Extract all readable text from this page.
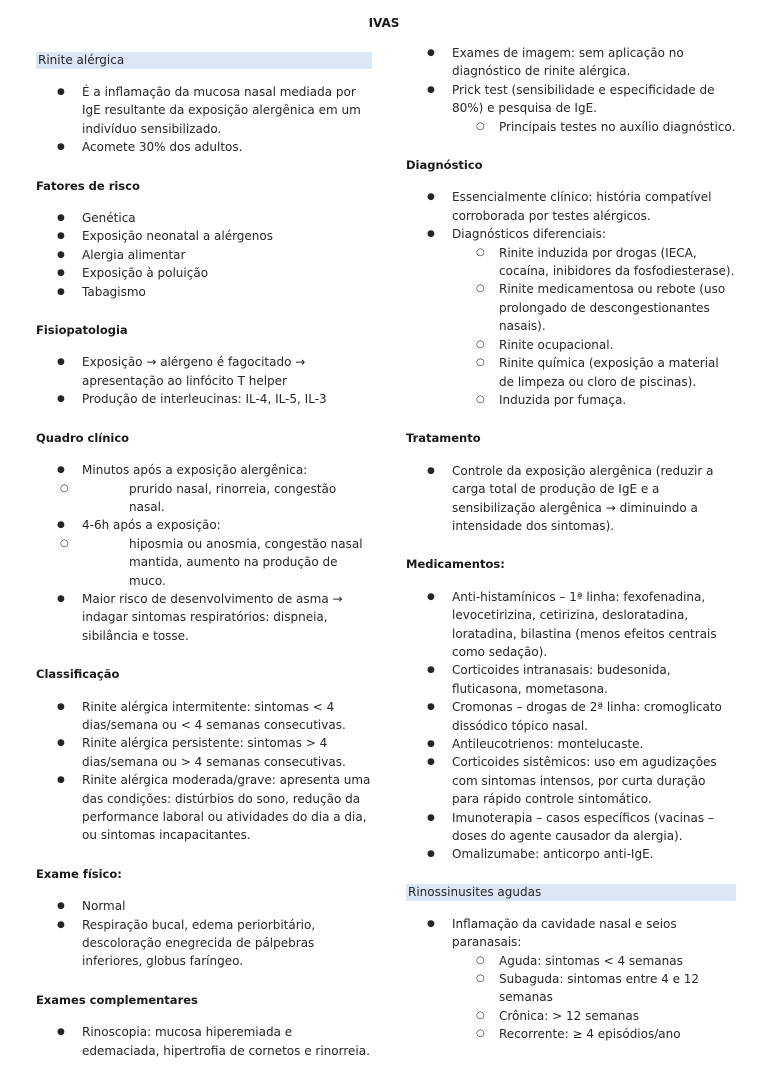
IVAS
Rinite alérgica
● É a inflamação da mucosa nasal mediada por IgE resultante da exposição alergênica em um indivíduo sensibilizado.
● Acomete 30% dos adultos.
Fatores de risco
● Genética
● Exposição neonatal a alérgenos
● Alergia alimentar
● Exposição à poluição
● Tabagismo
Fisiopatologia
● Exposição → alérgeno é fagocitado → apresentação ao linfócito T helper
● Produção de interleucinas: IL-4, IL-5, IL-3
Quadro clínico
● Minutos após a exposição alergênica:
○ prurido nasal, rinorreia, congestão nasal.
● 4-6h após a exposição:
○ hiposmia ou anosmia, congestão nasal mantida, aumento na produção de muco.
● Maior risco de desenvolvimento de asma → indagar sintomas respiratórios: dispneia, sibilância e tosse.
Classificação
● Rinite alérgica intermitente: sintomas < 4 dias/semana ou < 4 semanas consecutivas.
● Rinite alérgica persistente: sintomas > 4 dias/semana ou > 4 semanas consecutivas.
● Rinite alérgica moderada/grave: apresenta uma das condições: distúrbios do sono, redução da performance laboral ou atividades do dia a dia, ou sintomas incapacitantes.
Exame físico:
● Normal
● Respiração bucal, edema periorbitário, descoloração enegrecida de pálpebras inferiores, globus faríngeo.
Exames complementares
● Rinoscopia: mucosa hiperemiada e edemaciada, hipertrofia de cornetos e rinorreia.
● Exames de imagem: sem aplicação no diagnóstico de rinite alérgica.
● Prick test (sensibilidade e especificidade de 80%) e pesquisa de IgE.
○ Principais testes no auxílio diagnóstico.
Diagnóstico
● Essencialmente clínico: história compatível corroborada por testes alérgicos.
● Diagnósticos diferenciais:
○ Rinite induzida por drogas (IECA, cocaína, inibidores da fosfodiesterase).
○ Rinite medicamentosa ou rebote (uso prolongado de descongestionantes nasais).
○ Rinite ocupacional.
○ Rinite química (exposição a material de limpeza ou cloro de piscinas).
○ Induzida por fumaça.
Tratamento
● Controle da exposição alergênica (reduzir a carga total de produção de IgE e a sensibilização alergênica → diminuindo a intensidade dos sintomas).
Medicamentos:
● Anti-histamínicos – 1ª linha: fexofenadina, levocetirizina, cetirizina, desloratadina, loratadina, bilastina (menos efeitos centrais como sedação).
● Corticoides intranasais: budesonida, fluticasona, mometasona.
● Cromonas – drogas de 2ª linha: cromoglicato dissódico tópico nasal.
● Antileucotrienos: montelucaste.
● Corticoides sistêmicos: uso em agudizações com sintomas intensos, por curta duração para rápido controle sintomático.
● Imunoterapia – casos específicos (vacinas – doses do agente causador da alergia).
● Omalizumabe: anticorpo anti-IgE.
Rinossinusites agudas
● Inflamação da cavidade nasal e seios paranasais:
○ Aguda: sintomas < 4 semanas
○ Subaguda: sintomas entre 4 e 12 semanas
○ Crônica: > 12 semanas
○ Recorrente: ≥ 4 episódios/ano
